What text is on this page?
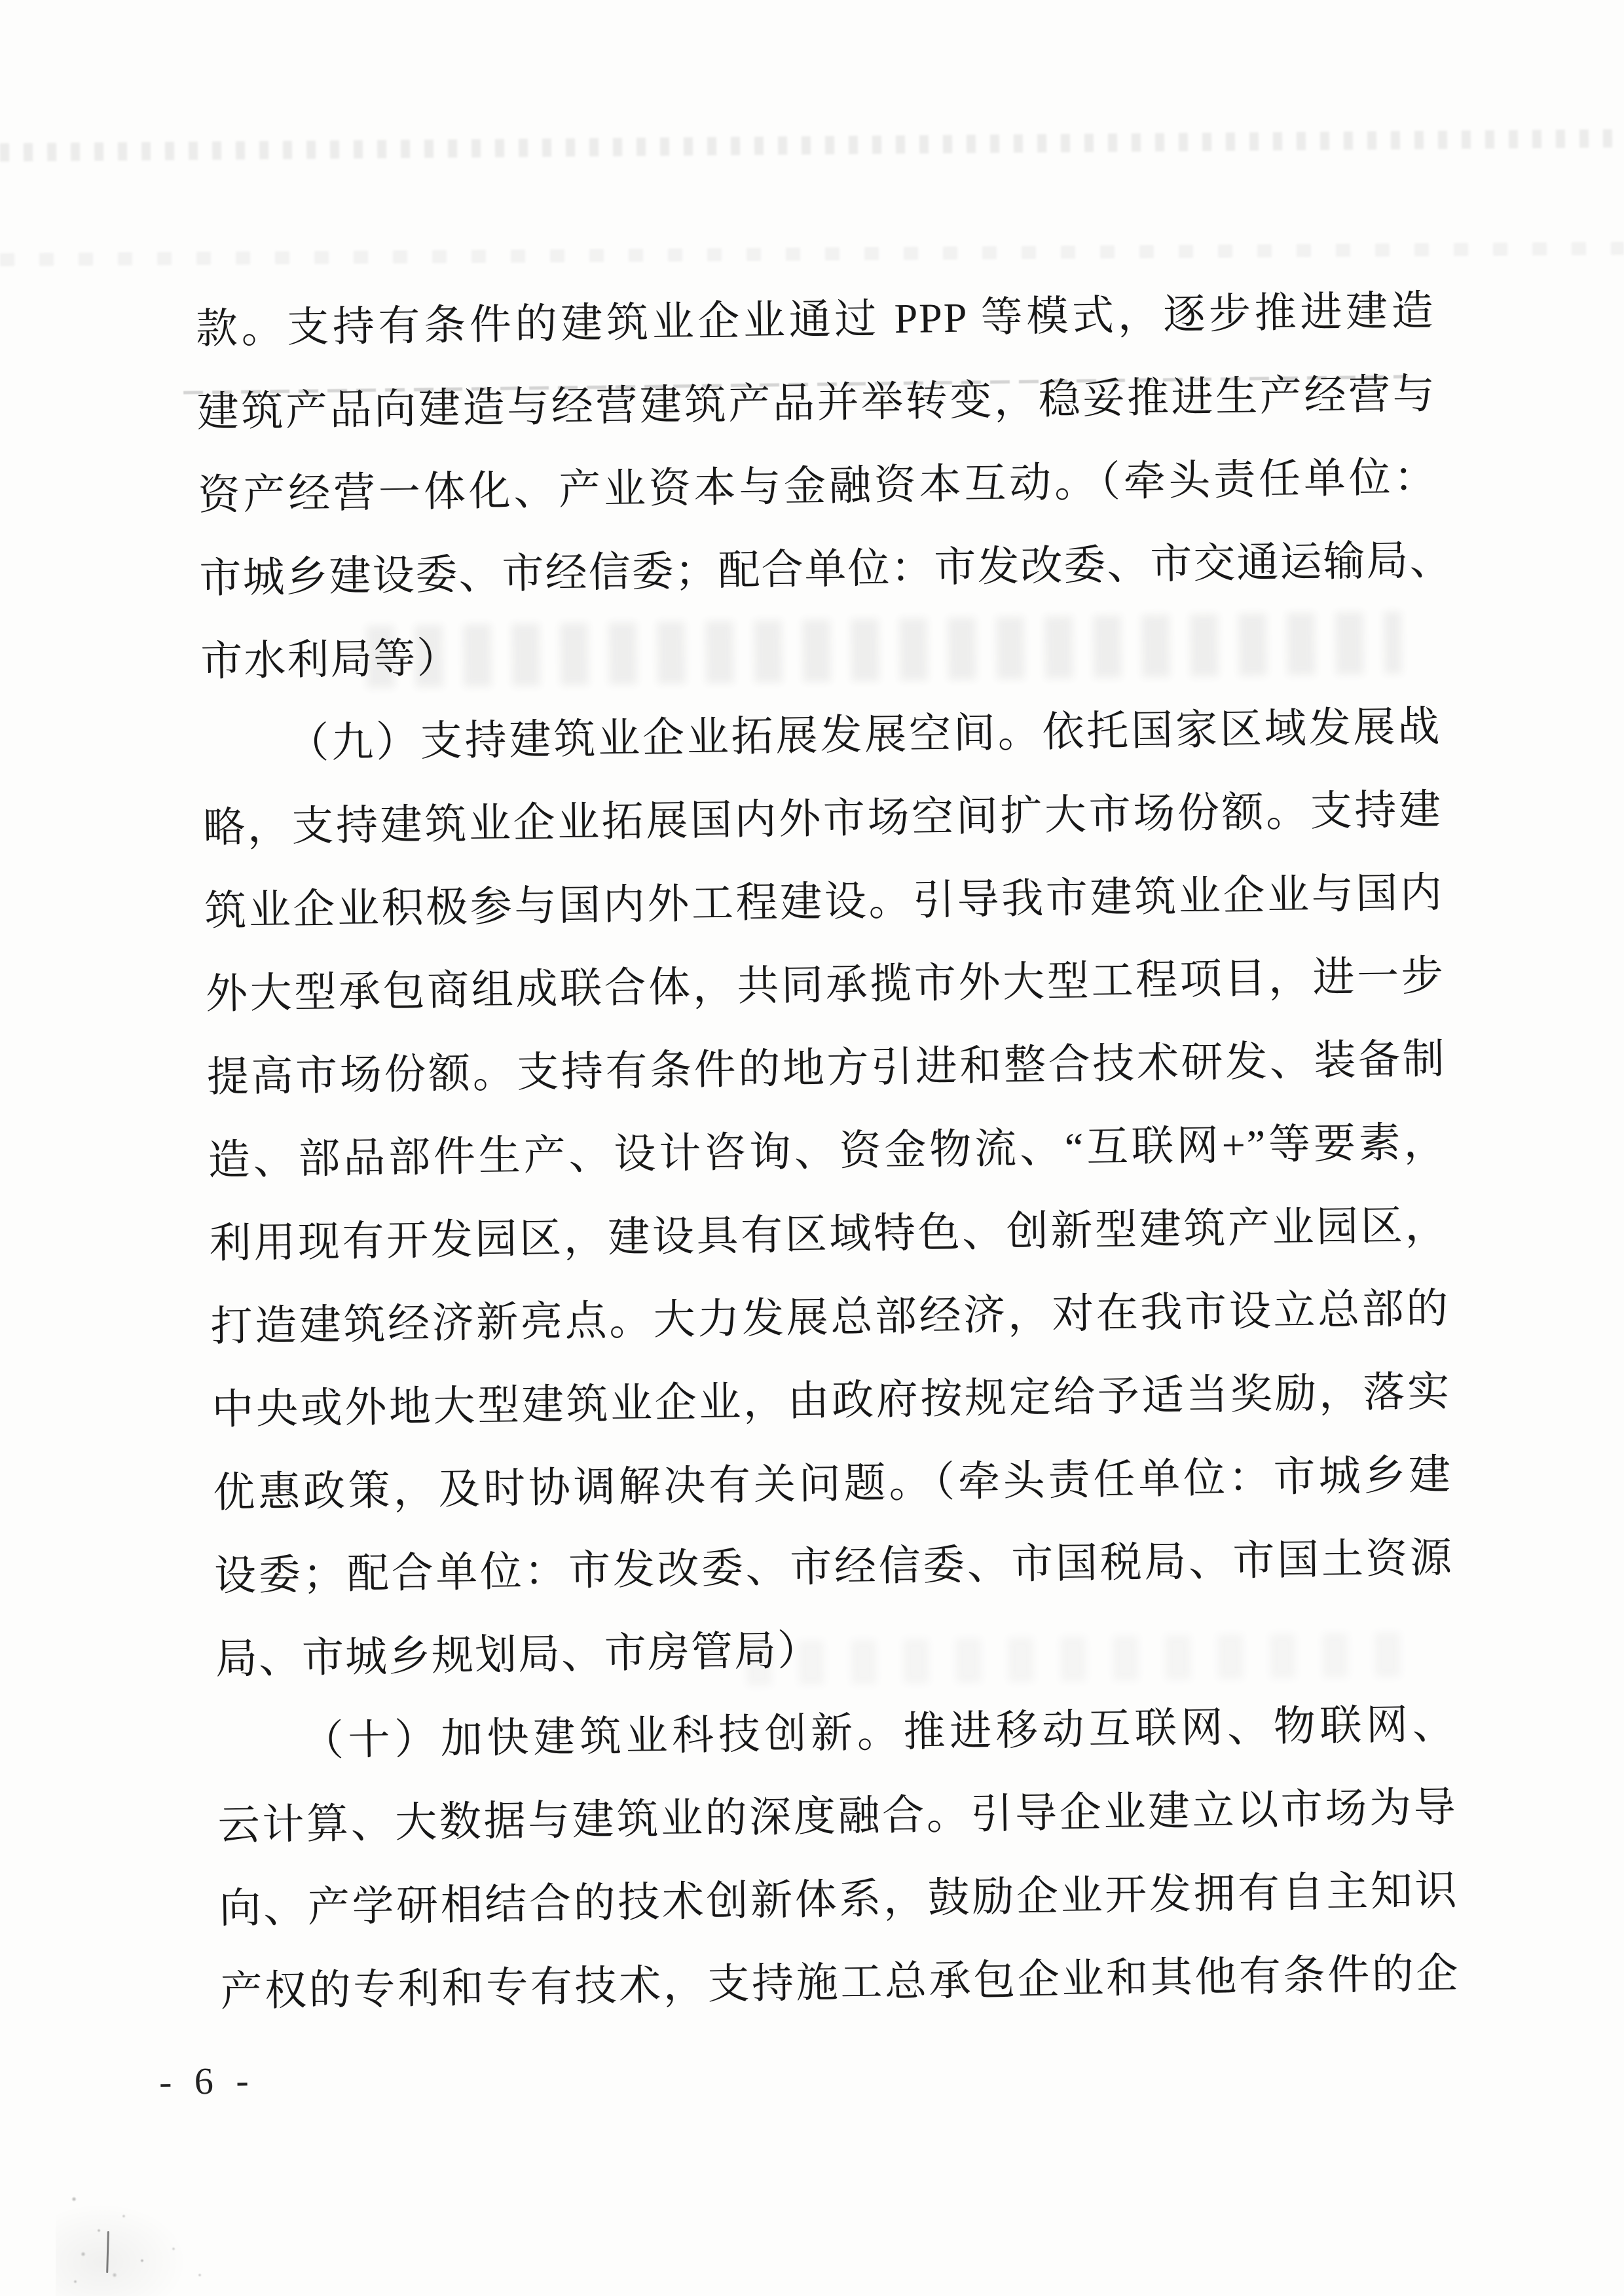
款。支持有条件的建筑业企业通过 PPP 等模式，逐步推进建造
建筑产品向建造与经营建筑产品并举转变，稳妥推进生产经营与
资产经营一体化、产业资本与金融资本互动。（牵头责任单位：
市城乡建设委、市经信委；配合单位：市发改委、市交通运输局、
市水利局等）
（九）支持建筑业企业拓展发展空间。依托国家区域发展战
略，支持建筑业企业拓展国内外市场空间扩大市场份额。支持建
筑业企业积极参与国内外工程建设。引导我市建筑业企业与国内
外大型承包商组成联合体，共同承揽市外大型工程项目，进一步
提高市场份额。支持有条件的地方引进和整合技术研发、装备制
造、部品部件生产、设计咨询、资金物流、“互联网+”等要素，
利用现有开发园区，建设具有区域特色、创新型建筑产业园区，
打造建筑经济新亮点。大力发展总部经济，对在我市设立总部的
中央或外地大型建筑业企业，由政府按规定给予适当奖励，落实
优惠政策，及时协调解决有关问题。（牵头责任单位：市城乡建
设委；配合单位：市发改委、市经信委、市国税局、市国土资源
局、市城乡规划局、市房管局）
（十）加快建筑业科技创新。推进移动互联网、物联网、
云计算、大数据与建筑业的深度融合。引导企业建立以市场为导
向、产学研相结合的技术创新体系，鼓励企业开发拥有自主知识
产权的专利和专有技术，支持施工总承包企业和其他有条件的企
- 6 -
